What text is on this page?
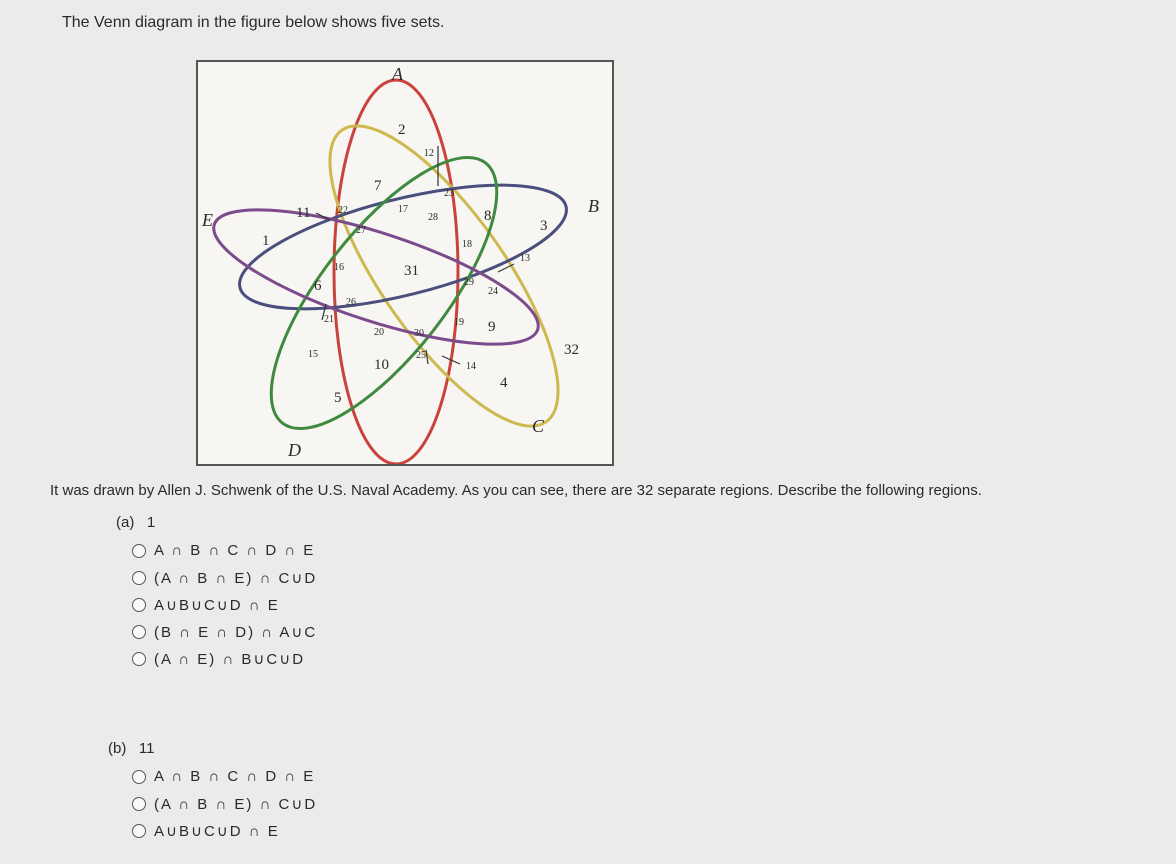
The Venn diagram in the figure below shows five sets.
A
B
C
D
E
1
2
3
4
5
6
7
8
9
10
11
12
13
14
15
16
17
18
19
20
21
22
23
24
25
26
27
28
29
30
31
32
It was drawn by Allen J. Schwenk of the U.S. Naval Academy. As you can see, there are 32 separate regions. Describe the following regions.
(a) 1
A ∩ B ∩ C ∩ D ∩ E
(A ∩ B ∩ E) ∩ C∪D
A∪B∪C∪D ∩ E
(B ∩ E ∩ D) ∩ A∪C
(A ∩ E) ∩ B∪C∪D
(b) 11
A ∩ B ∩ C ∩ D ∩ E
(A ∩ B ∩ E) ∩ C∪D
A∪B∪C∪D ∩ E
